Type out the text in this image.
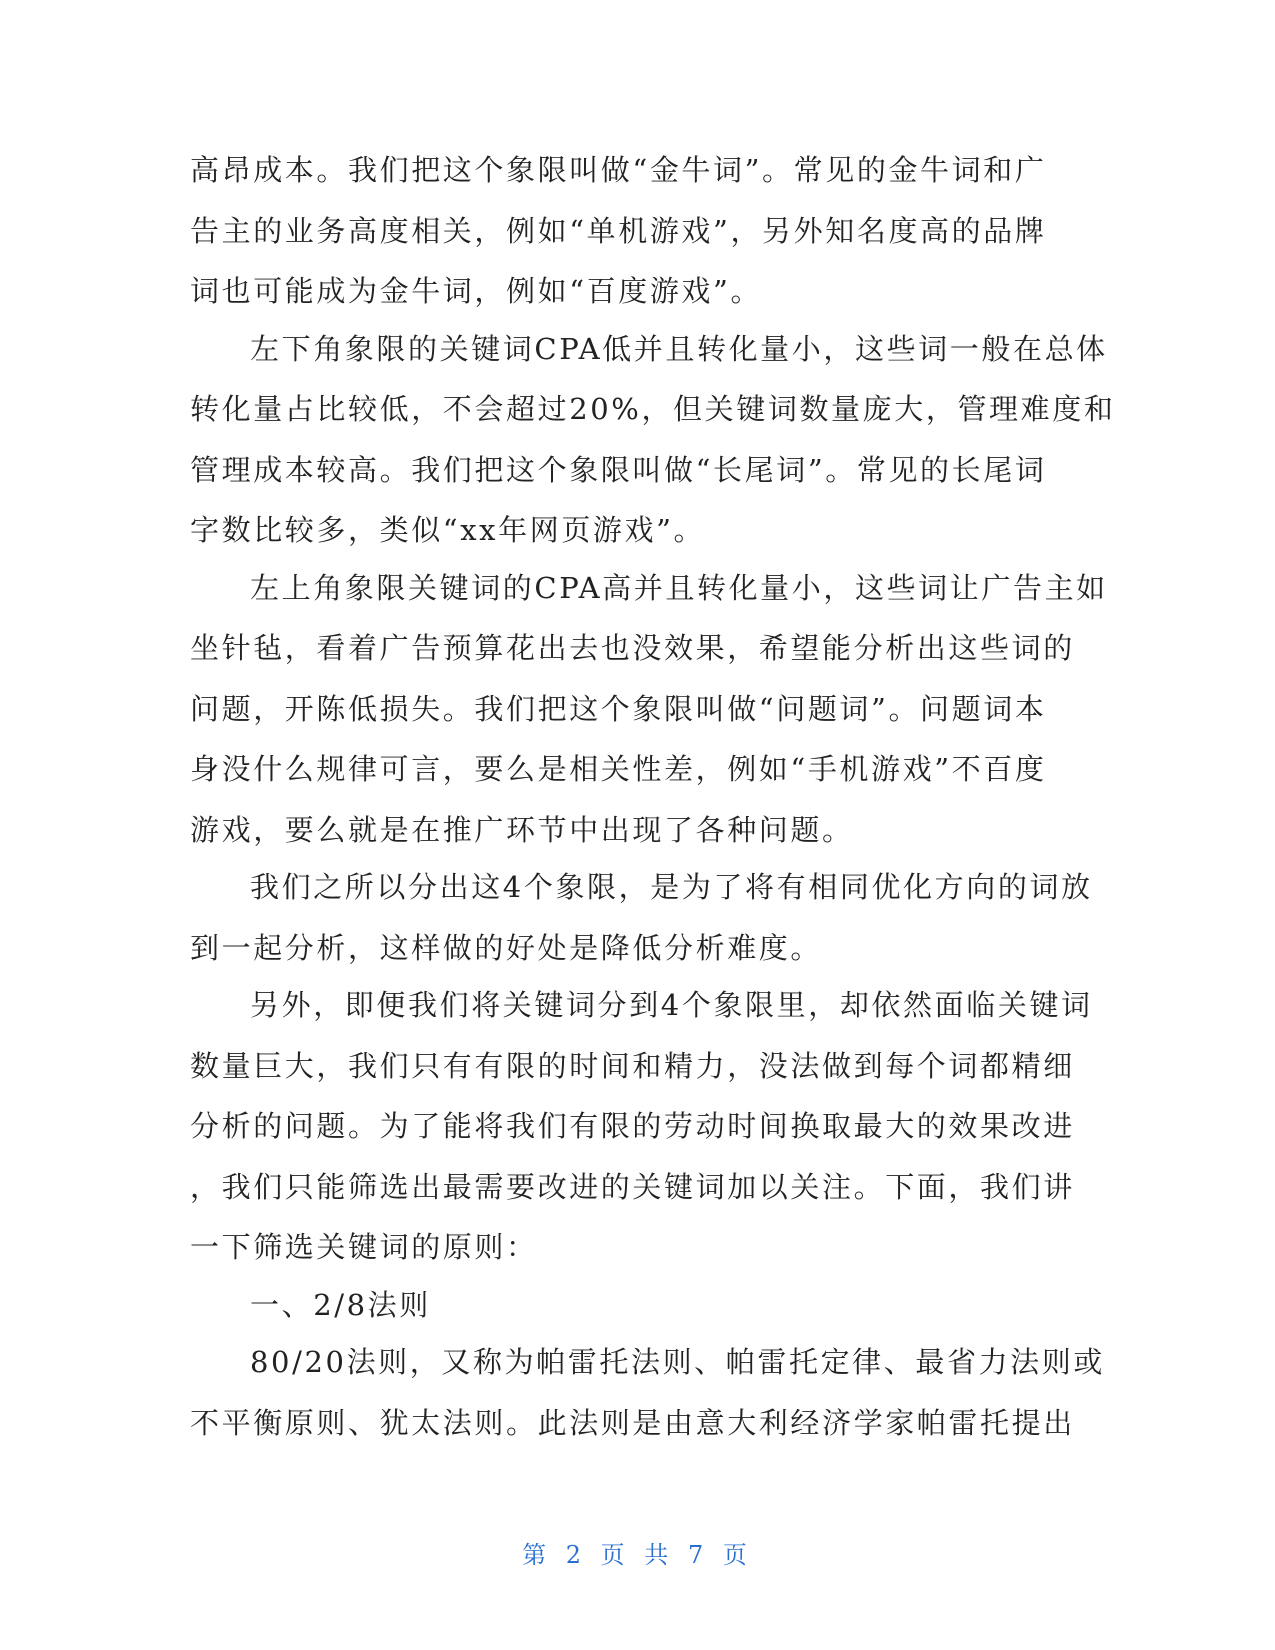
高昂成本。我们把这个象限叫做“金牛词”。常见的金牛词和广
告主的业务高度相关，例如“单机游戏”，另外知名度高的品牌
词也可能成为金牛词，例如“百度游戏”。
左下角象限的关键词CPA低并且转化量小，这些词一般在总体
转化量占比较低，不会超过20%，但关键词数量庞大，管理难度和
管理成本较高。我们把这个象限叫做“长尾词”。常见的长尾词
字数比较多，类似“xx年网页游戏”。
左上角象限关键词的CPA高并且转化量小，这些词让广告主如
坐针毡，看着广告预算花出去也没效果，希望能分析出这些词的
问题，开陈低损失。我们把这个象限叫做“问题词”。问题词本
身没什么规律可言，要么是相关性差，例如“手机游戏”不百度
游戏，要么就是在推广环节中出现了各种问题。
我们之所以分出这4个象限，是为了将有相同优化方向的词放
到一起分析，这样做的好处是降低分析难度。
另外，即便我们将关键词分到4个象限里，却依然面临关键词
数量巨大，我们只有有限的时间和精力，没法做到每个词都精细
分析的问题。为了能将我们有限的劳动时间换取最大的效果改进
，我们只能筛选出最需要改进的关键词加以关注。下面，我们讲
一下筛选关键词的原则：
一、2/8法则
80/20法则，又称为帕雷托法则、帕雷托定律、最省力法则或
不平衡原则、犹太法则。此法则是由意大利经济学家帕雷托提出
第 2 页 共 7 页
